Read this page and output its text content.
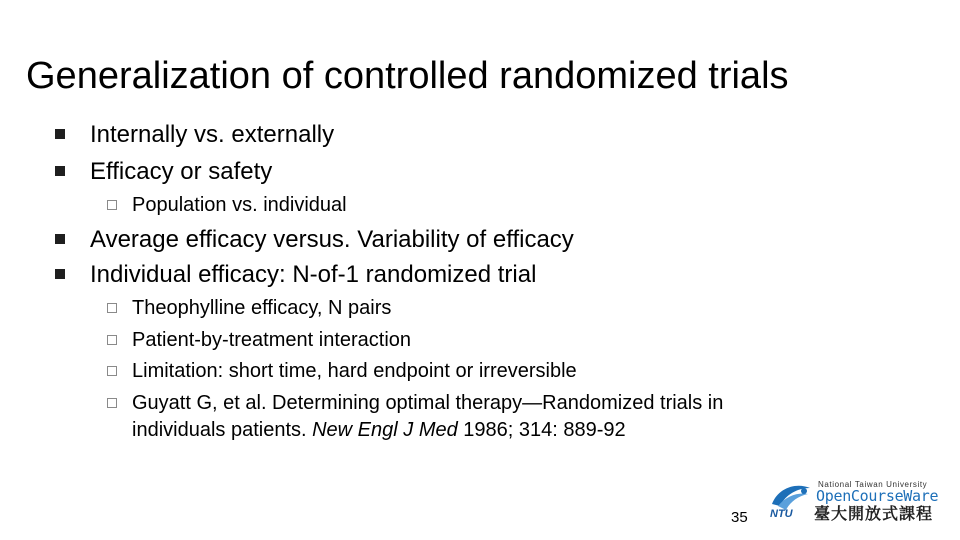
Generalization of controlled randomized trials
Internally vs. externally
Efficacy or safety
Population vs. individual
Average efficacy versus. Variability of efficacy
Individual efficacy: N-of-1 randomized trial
Theophylline efficacy, N pairs
Patient-by-treatment interaction
Limitation: short time, hard endpoint or irreversible
Guyatt G, et al. Determining optimal therapy—Randomized trials in
individuals patients. New Engl J Med 1986; 314: 889-92
35 NTU
National Taiwan University
OpenCourseWare
臺大開放式課程
